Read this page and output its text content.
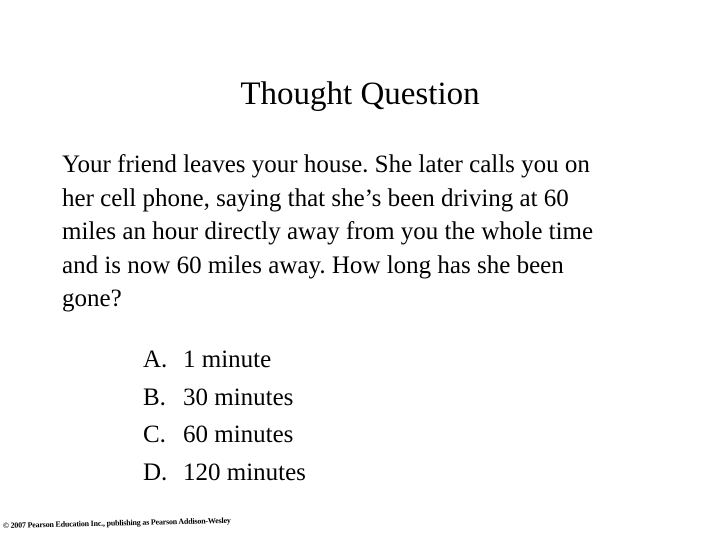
Thought Question
Your friend leaves your house. She later calls you on
her cell phone, saying that she’s been driving at 60
miles an hour directly away from you the whole time
and is now 60 miles away. How long has she been
gone?
A. 1 minute
B. 30 minutes
C. 60 minutes
D. 120 minutes
© 2007 Pearson Education Inc., publishing as Pearson Addison-Wesley
